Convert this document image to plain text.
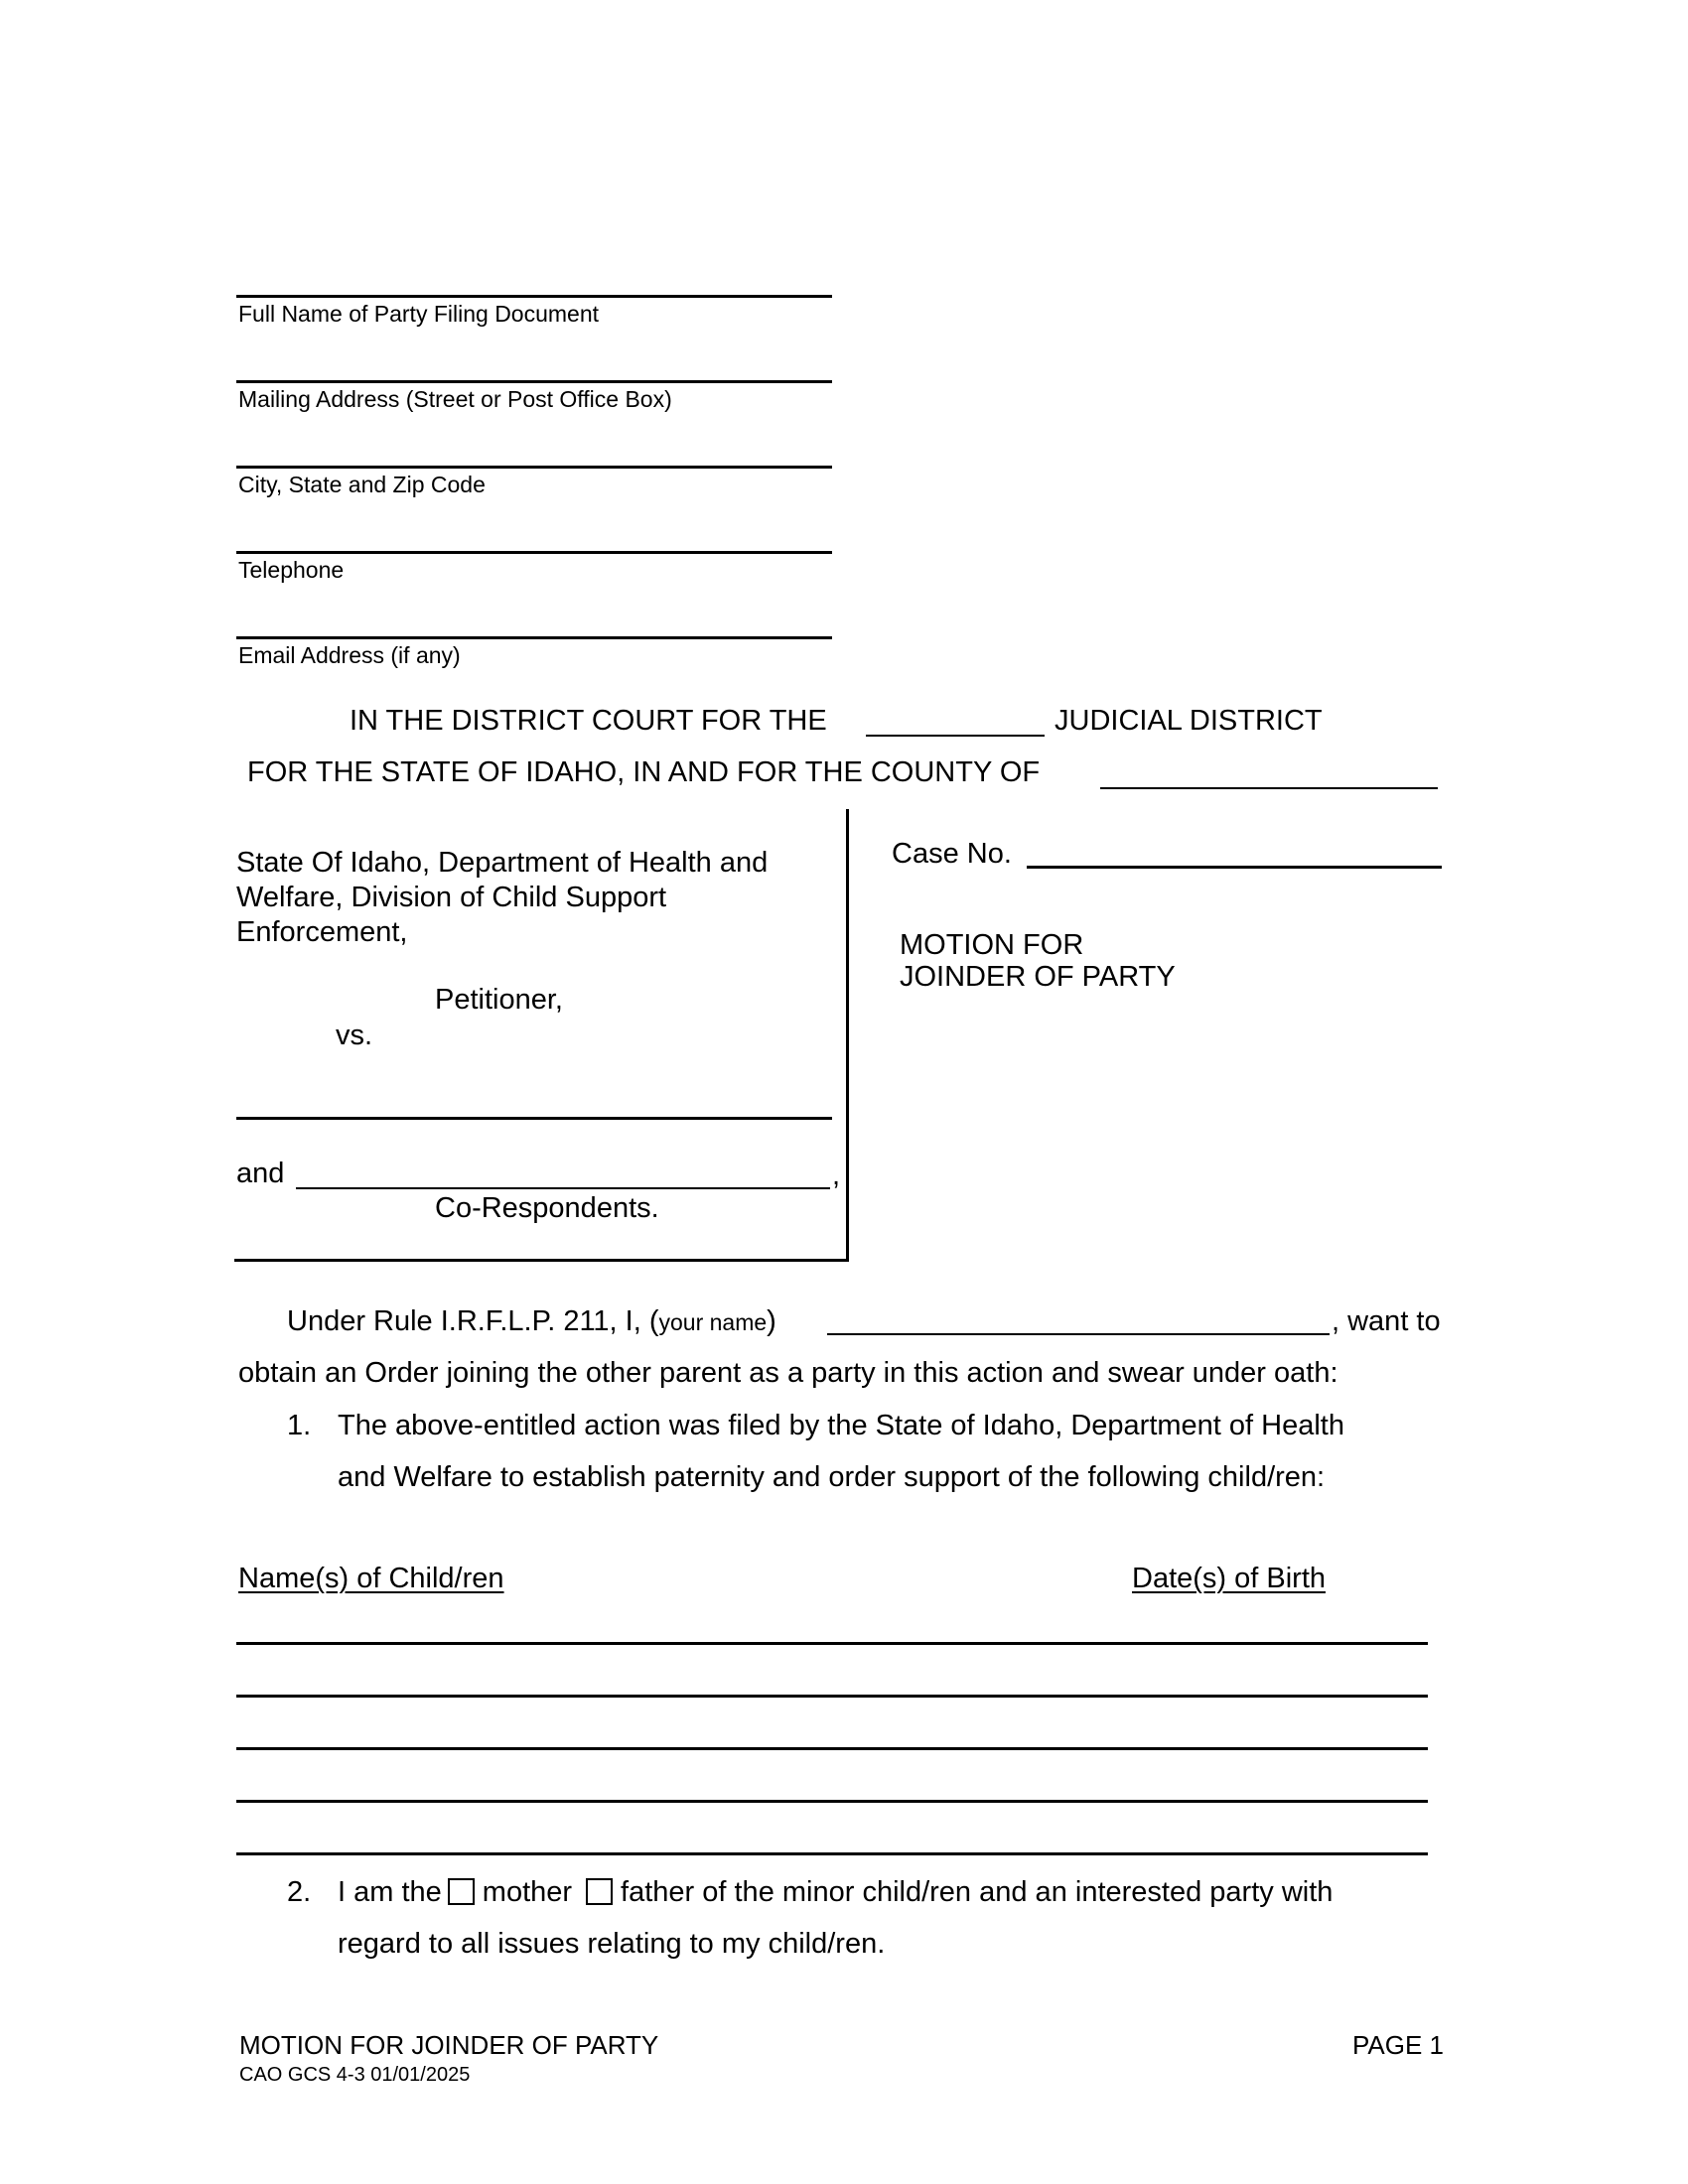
Full Name of Party Filing Document
Mailing Address (Street or Post Office Box)
City, State and Zip Code
Telephone
Email Address (if any)
IN THE DISTRICT COURT FOR THE	JUDICIAL DISTRICT
FOR THE STATE OF IDAHO, IN AND FOR THE COUNTY OF
State Of Idaho, Department of Health and Welfare, Division of Child Support Enforcement,
Petitioner,
vs.
and	,
Co-Respondents.
Case No.
MOTION FOR
JOINDER OF PARTY
Under Rule I.R.F.L.P. 211, I, (your name)	, want to
obtain an Order joining the other parent as a party in this action and swear under oath:
1. The above-entitled action was filed by the State of Idaho, Department of Health
and Welfare to establish paternity and order support of the following child/ren:
Name(s) of Child/ren	Date(s) of Birth
2. I am the mother father of the minor child/ren and an interested party with
regard to all issues relating to my child/ren.
MOTION FOR JOINDER OF PARTY
CAO GCS 4-3 01/01/2025
PAGE 1
